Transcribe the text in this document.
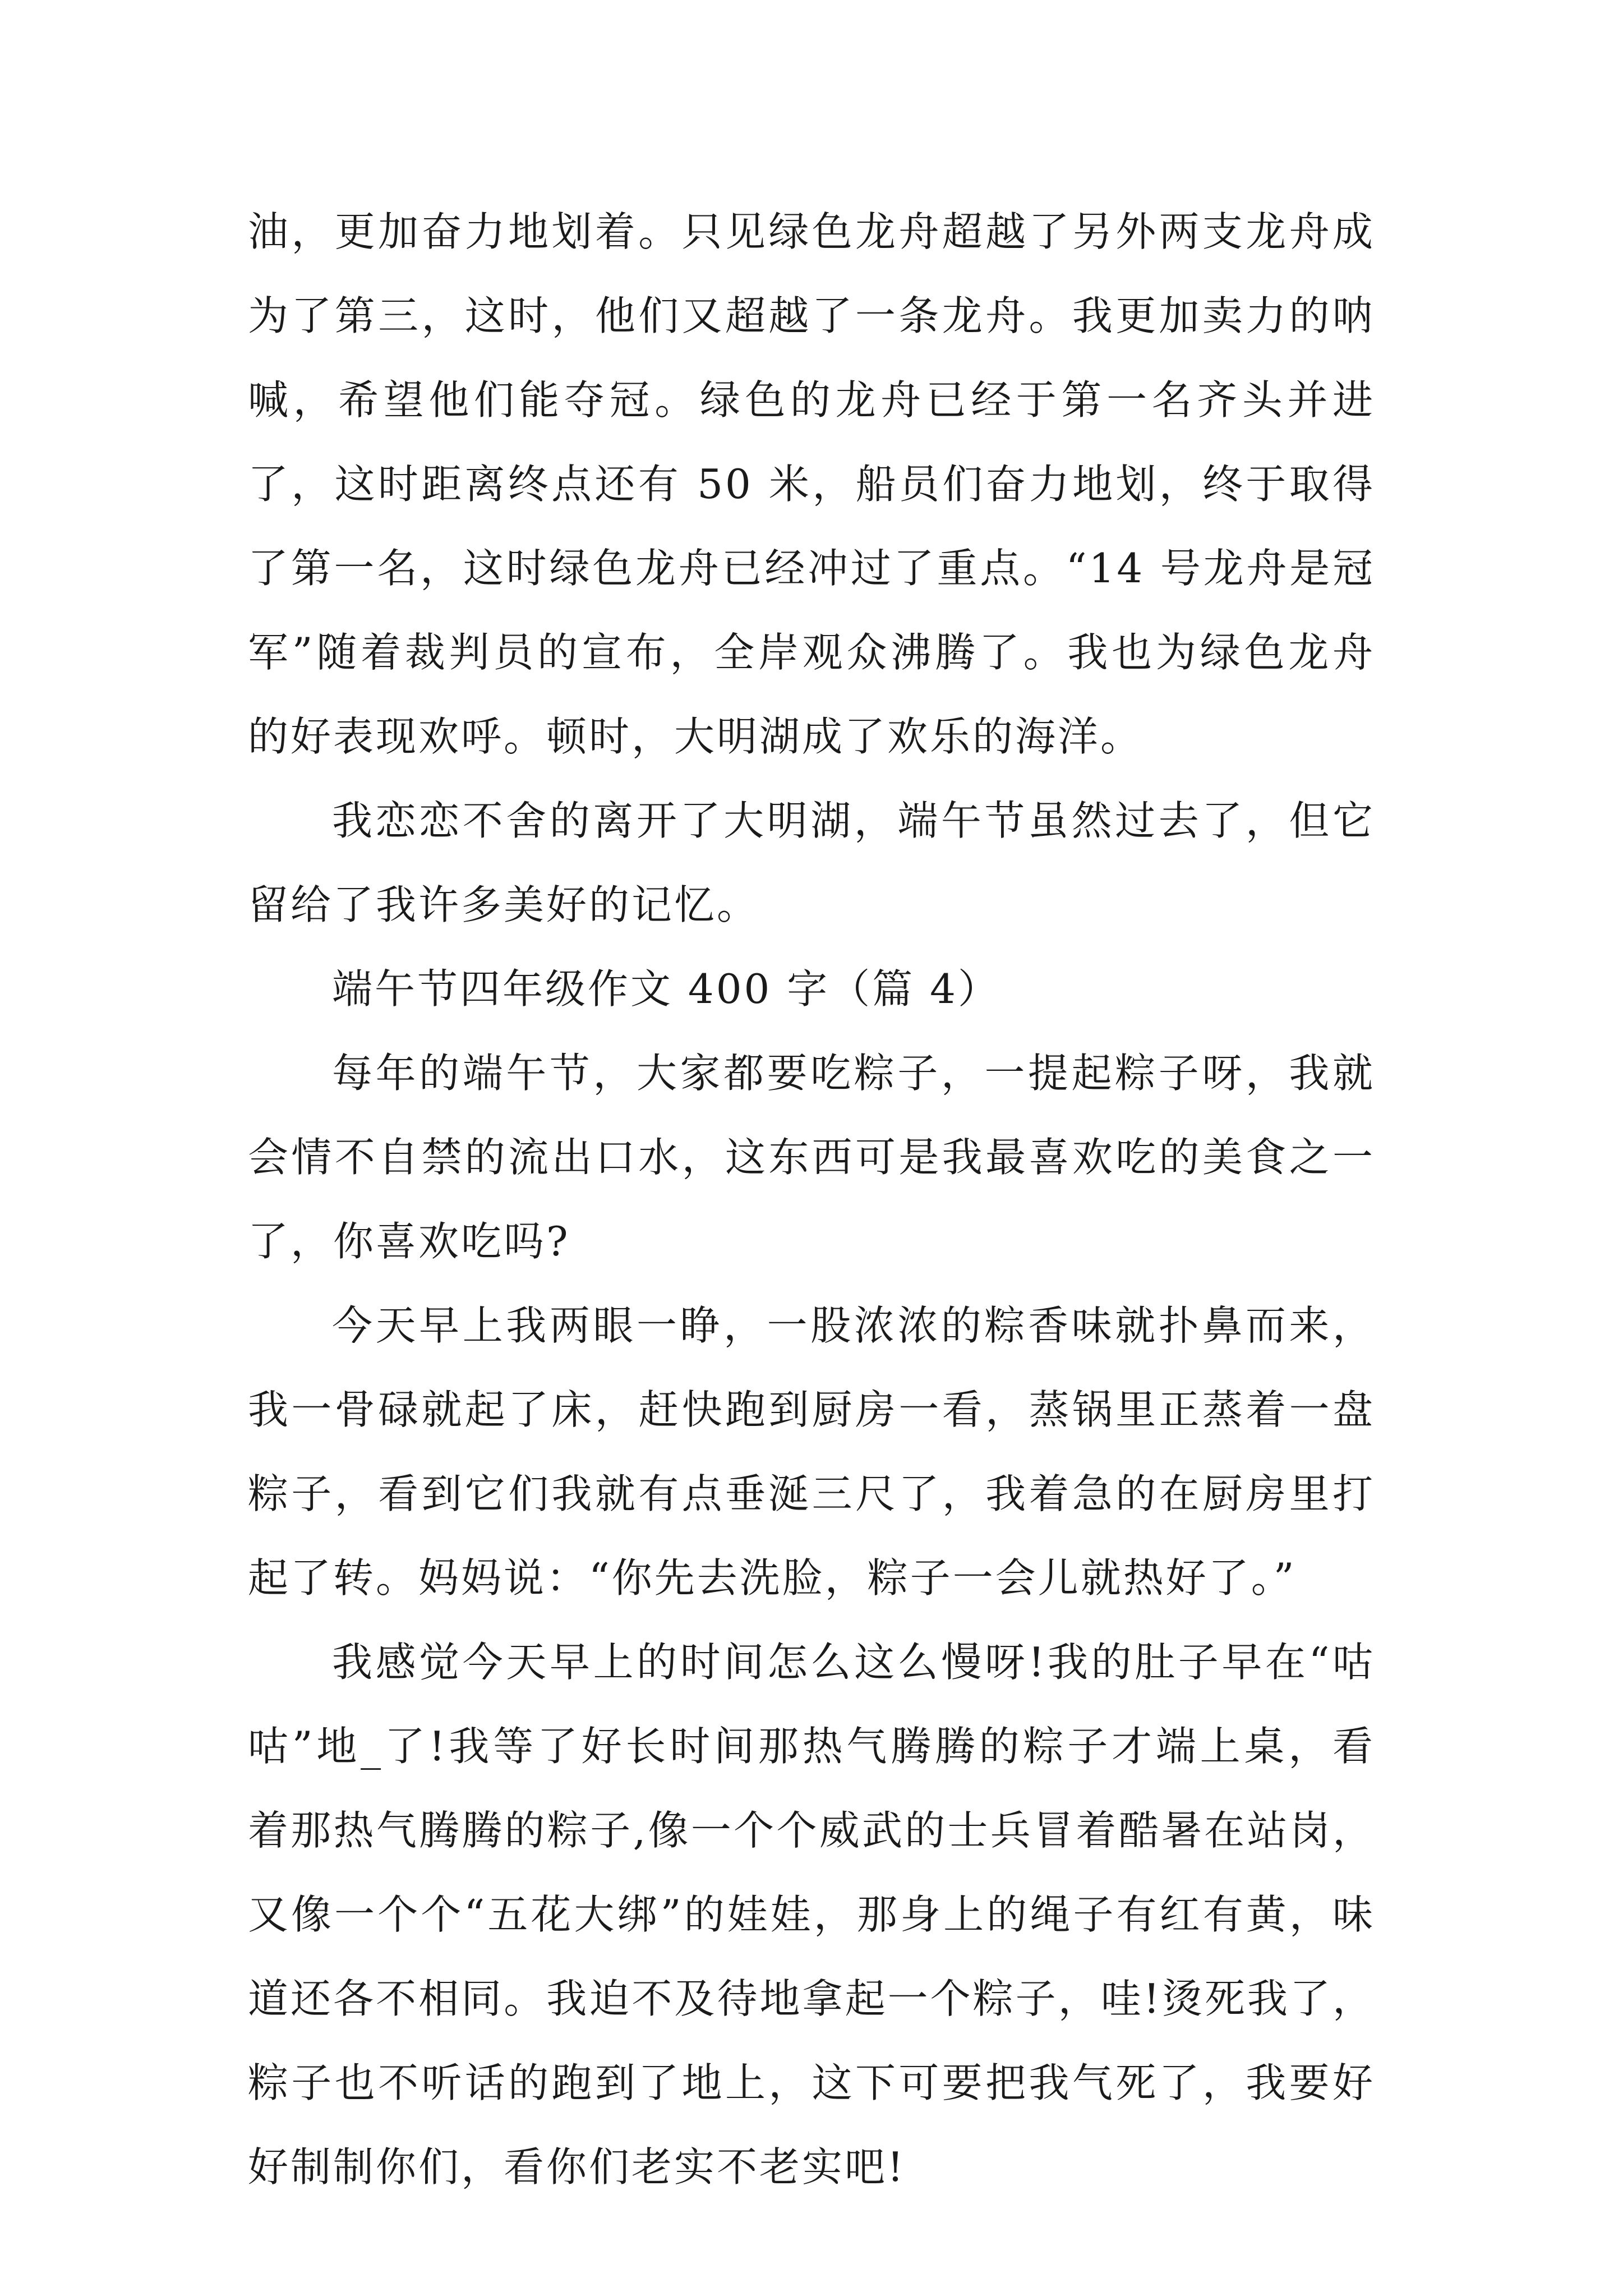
油，更加奋力地划着。只见绿色龙舟超越了另外两支龙舟成为了第三，这时，他们又超越了一条龙舟。我更加卖力的呐喊，希望他们能夺冠。绿色的龙舟已经于第一名齐头并进了，这时距离终点还有 50 米，船员们奋力地划，终于取得了第一名，这时绿色龙舟已经冲过了重点。“14 号龙舟是冠军”随着裁判员的宣布，全岸观众沸腾了。我也为绿色龙舟的好表现欢呼。顿时，大明湖成了欢乐的海洋。

我恋恋不舍的离开了大明湖，端午节虽然过去了，但它留给了我许多美好的记忆。

端午节四年级作文 400 字（篇 4）

每年的端午节，大家都要吃粽子，一提起粽子呀，我就会情不自禁的流出口水，这东西可是我最喜欢吃的美食之一了，你喜欢吃吗?

今天早上我两眼一睁，一股浓浓的粽香味就扑鼻而来，我一骨碌就起了床，赶快跑到厨房一看，蒸锅里正蒸着一盘粽子，看到它们我就有点垂涎三尺了，我着急的在厨房里打起了转。妈妈说：“你先去洗脸，粽子一会儿就热好了。”

我感觉今天早上的时间怎么这么慢呀!我的肚子早在“咕咕”地_了!我等了好长时间那热气腾腾的粽子才端上桌，看着那热气腾腾的粽子,像一个个威武的士兵冒着酷暑在站岗，又像一个个“五花大绑”的娃娃，那身上的绳子有红有黄，味道还各不相同。我迫不及待地拿起一个粽子，哇!烫死我了，粽子也不听话的跑到了地上，这下可要把我气死了，我要好好制制你们，看你们老实不老实吧!
